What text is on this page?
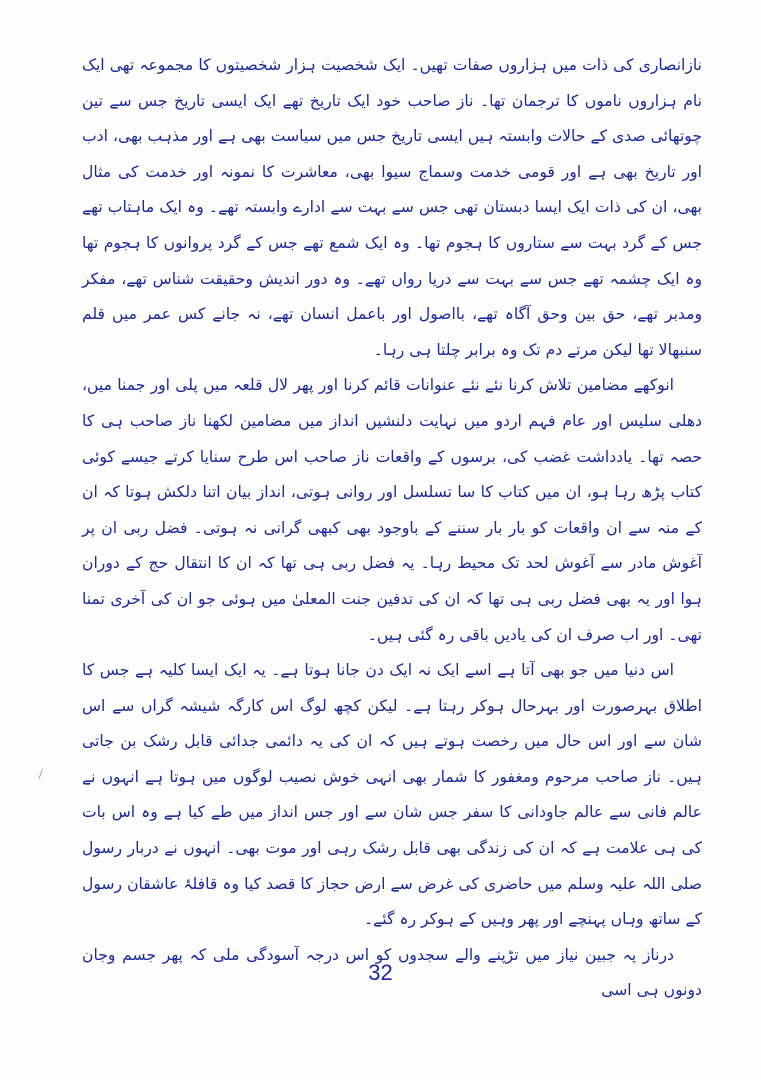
نازانصاری کی ذات میں ہزاروں صفات تھیں۔ ایک شخصیت ہزار شخصیتوں کا مجموعہ تھی ایک نام ہزاروں ناموں کا ترجمان تھا۔ ناز صاحب خود ایک تاریخ تھے ایک ایسی تاریخ جس سے تین چوتھائی صدی کے حالات وابستہ ہیں ایسی تاریخ جس میں سیاست بھی ہے اور مذہب بھی، ادب اور تاریخ بھی ہے اور قومی خدمت وسماج سیوا بھی، معاشرت کا نمونہ اور خدمت کی مثال بھی، ان کی ذات ایک ایسا دبستان تھی جس سے بہت سے ادارے وابستہ تھے۔ وہ ایک ماہتاب تھے جس کے گرد بہت سے ستاروں کا ہجوم تھا۔ وہ ایک شمع تھے جس کے گرد پروانوں کا ہجوم تھا وہ ایک چشمہ تھے جس سے بہت سے دریا رواں تھے۔ وہ دور اندیش وحقیقت شناس تھے، مفکر ومدبر تھے، حق بین وحق آگاہ تھے، بااصول اور باعمل انسان تھے، نہ جانے کس عمر میں قلم سنبھالا تھا لیکن مرتے دم تک وہ برابر چلتا ہی رہا۔

انوکھے مضامین تلاش کرنا نئے نئے عنوانات قائم کرنا اور پھر لال قلعہ میں پلی اور جمنا میں، دھلی سلیس اور عام فہم اردو میں نہایت دلنشیں انداز میں مضامین لکھنا ناز صاحب ہی کا حصہ تھا۔ یادداشت غضب کی، برسوں کے واقعات ناز صاحب اس طرح سنایا کرتے جیسے کوئی کتاب پڑھ رہا ہو، ان میں کتاب کا سا تسلسل اور روانی ہوتی، انداز بیان اتنا دلکش ہوتا کہ ان کے منہ سے ان واقعات کو بار بار سننے کے باوجود بھی کبھی گرانی نہ ہوتی۔ فضل ربی ان پر آغوش مادر سے آغوش لحد تک محیط رہا۔ یہ فضل ربی ہی تھا کہ ان کا انتقال حج کے دوران ہوا اور یہ بھی فضل ربی ہی تھا کہ ان کی تدفین جنت المعلیٰ میں ہوئی جو ان کی آخری تمنا تھی۔ اور اب صرف ان کی یادیں باقی رہ گئی ہیں۔

اس دنیا میں جو بھی آتا ہے اسے ایک نہ ایک دن جانا ہوتا ہے۔ یہ ایک ایسا کلیہ ہے جس کا اطلاق بہرصورت اور بہرحال ہوکر رہتا ہے۔ لیکن کچھ لوگ اس کارگہ شیشہ گراں سے اس شان سے اور اس حال میں رخصت ہوتے ہیں کہ ان کی یہ دائمی جدائی قابل رشک بن جاتی ہیں۔ ناز صاحب مرحوم ومغفور کا شمار بھی انہی خوش نصیب لوگوں میں ہوتا ہے انہوں نے عالم فانی سے عالم جاودانی کا سفر جس شان سے اور جس انداز میں طے کیا ہے وہ اس بات کی ہی علامت ہے کہ ان کی زندگی بھی قابل رشک رہی اور موت بھی۔ انہوں نے دربار رسول صلی اللہ علیہ وسلم میں حاضری کی غرض سے ارض حجاز کا قصد کیا وہ قافلۂ عاشقان رسول کے ساتھ وہاں پہنچے اور پھر وہیں کے ہوکر رہ گئے۔

درناز پہ جبین نیاز میں تڑپنے والے سجدوں کو اس درجہ آسودگی ملی کہ پھر جسم وجان دونوں ہی اسی

32
